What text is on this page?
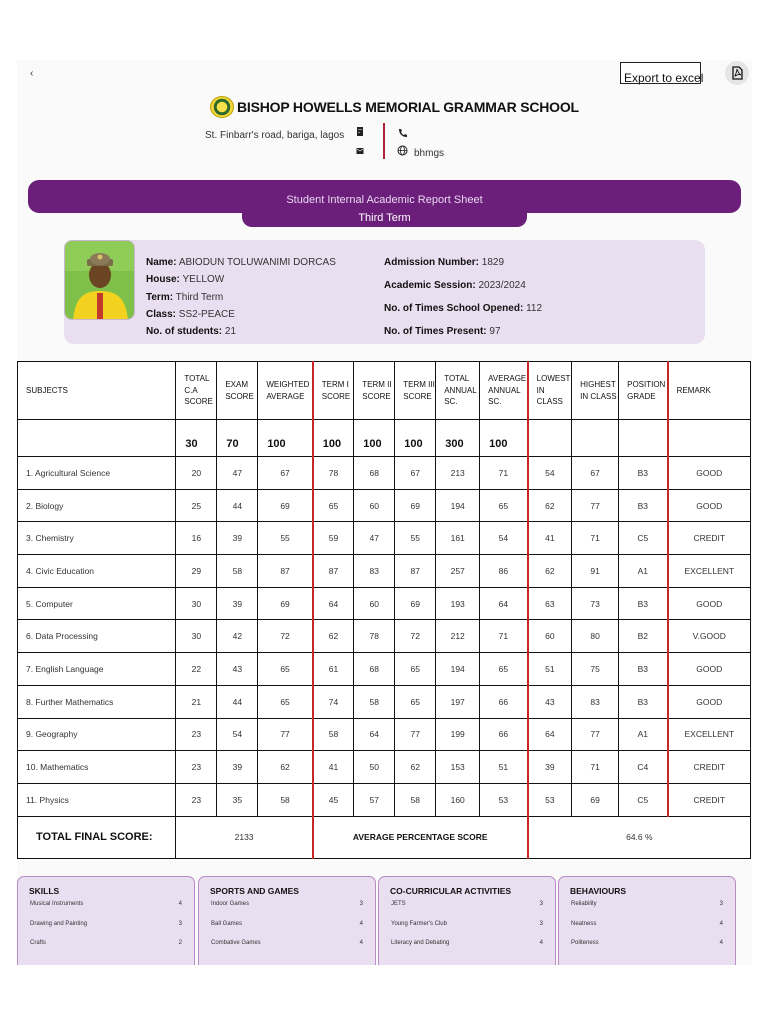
‹	Export to excel
BISHOP HOWELLS MEMORIAL GRAMMAR SCHOOL
St. Finbarr's road, bariga, lagos
bhmgs
Student Internal Academic Report Sheet
Third Term
Name: ABIODUN TOLUWANIMI DORCAS
House: YELLOW
Term: Third Term
Class: SS2-PEACE
No. of students: 21
Admission Number: 1829
Academic Session: 2023/2024
No. of Times School Opened: 112
No. of Times Present: 97
SUBJECTS	TOTAL C.A SCORE	EXAM SCORE	WEIGHTED AVERAGE	TERM I SCORE	TERM II SCORE	TERM III SCORE	TOTAL ANNUAL SC.	AVERAGE ANNUAL SC.	LOWEST IN CLASS	HIGHEST IN CLASS	POSITION GRADE	REMARK
	30	70	100	100	100	100	300	100				
1. Agricultural Science	20	47	67	78	68	67	213	71	54	67	B3	GOOD
2. Biology	25	44	69	65	60	69	194	65	62	77	B3	GOOD
3. Chemistry	16	39	55	59	47	55	161	54	41	71	C5	CREDIT
4. Civic Education	29	58	87	87	83	87	257	86	62	91	A1	EXCELLENT
5. Computer	30	39	69	64	60	69	193	64	63	73	B3	GOOD
6. Data Processing	30	42	72	62	78	72	212	71	60	80	B2	V.GOOD
7. English Language	22	43	65	61	68	65	194	65	51	75	B3	GOOD
8. Further Mathematics	21	44	65	74	58	65	197	66	43	83	B3	GOOD
9. Geography	23	54	77	58	64	77	199	66	64	77	A1	EXCELLENT
10. Mathematics	23	39	62	41	50	62	153	51	39	71	C4	CREDIT
11. Physics	23	35	58	45	57	58	160	53	53	69	C5	CREDIT
TOTAL FINAL SCORE:	2133			AVERAGE PERCENTAGE SCORE					64.6 %			
SKILLS
Musical Instruments	4
Drawing and Painting	3
Crafts	2
SPORTS AND GAMES
Indoor Games	3
Ball Games	4
Combative Games	4
CO-CURRICULAR ACTIVITIES
JETS	3
Young Farmer's Club	3
Literacy and Debating	4
BEHAVIOURS
Reliability	3
Neatness	4
Politeness	4
